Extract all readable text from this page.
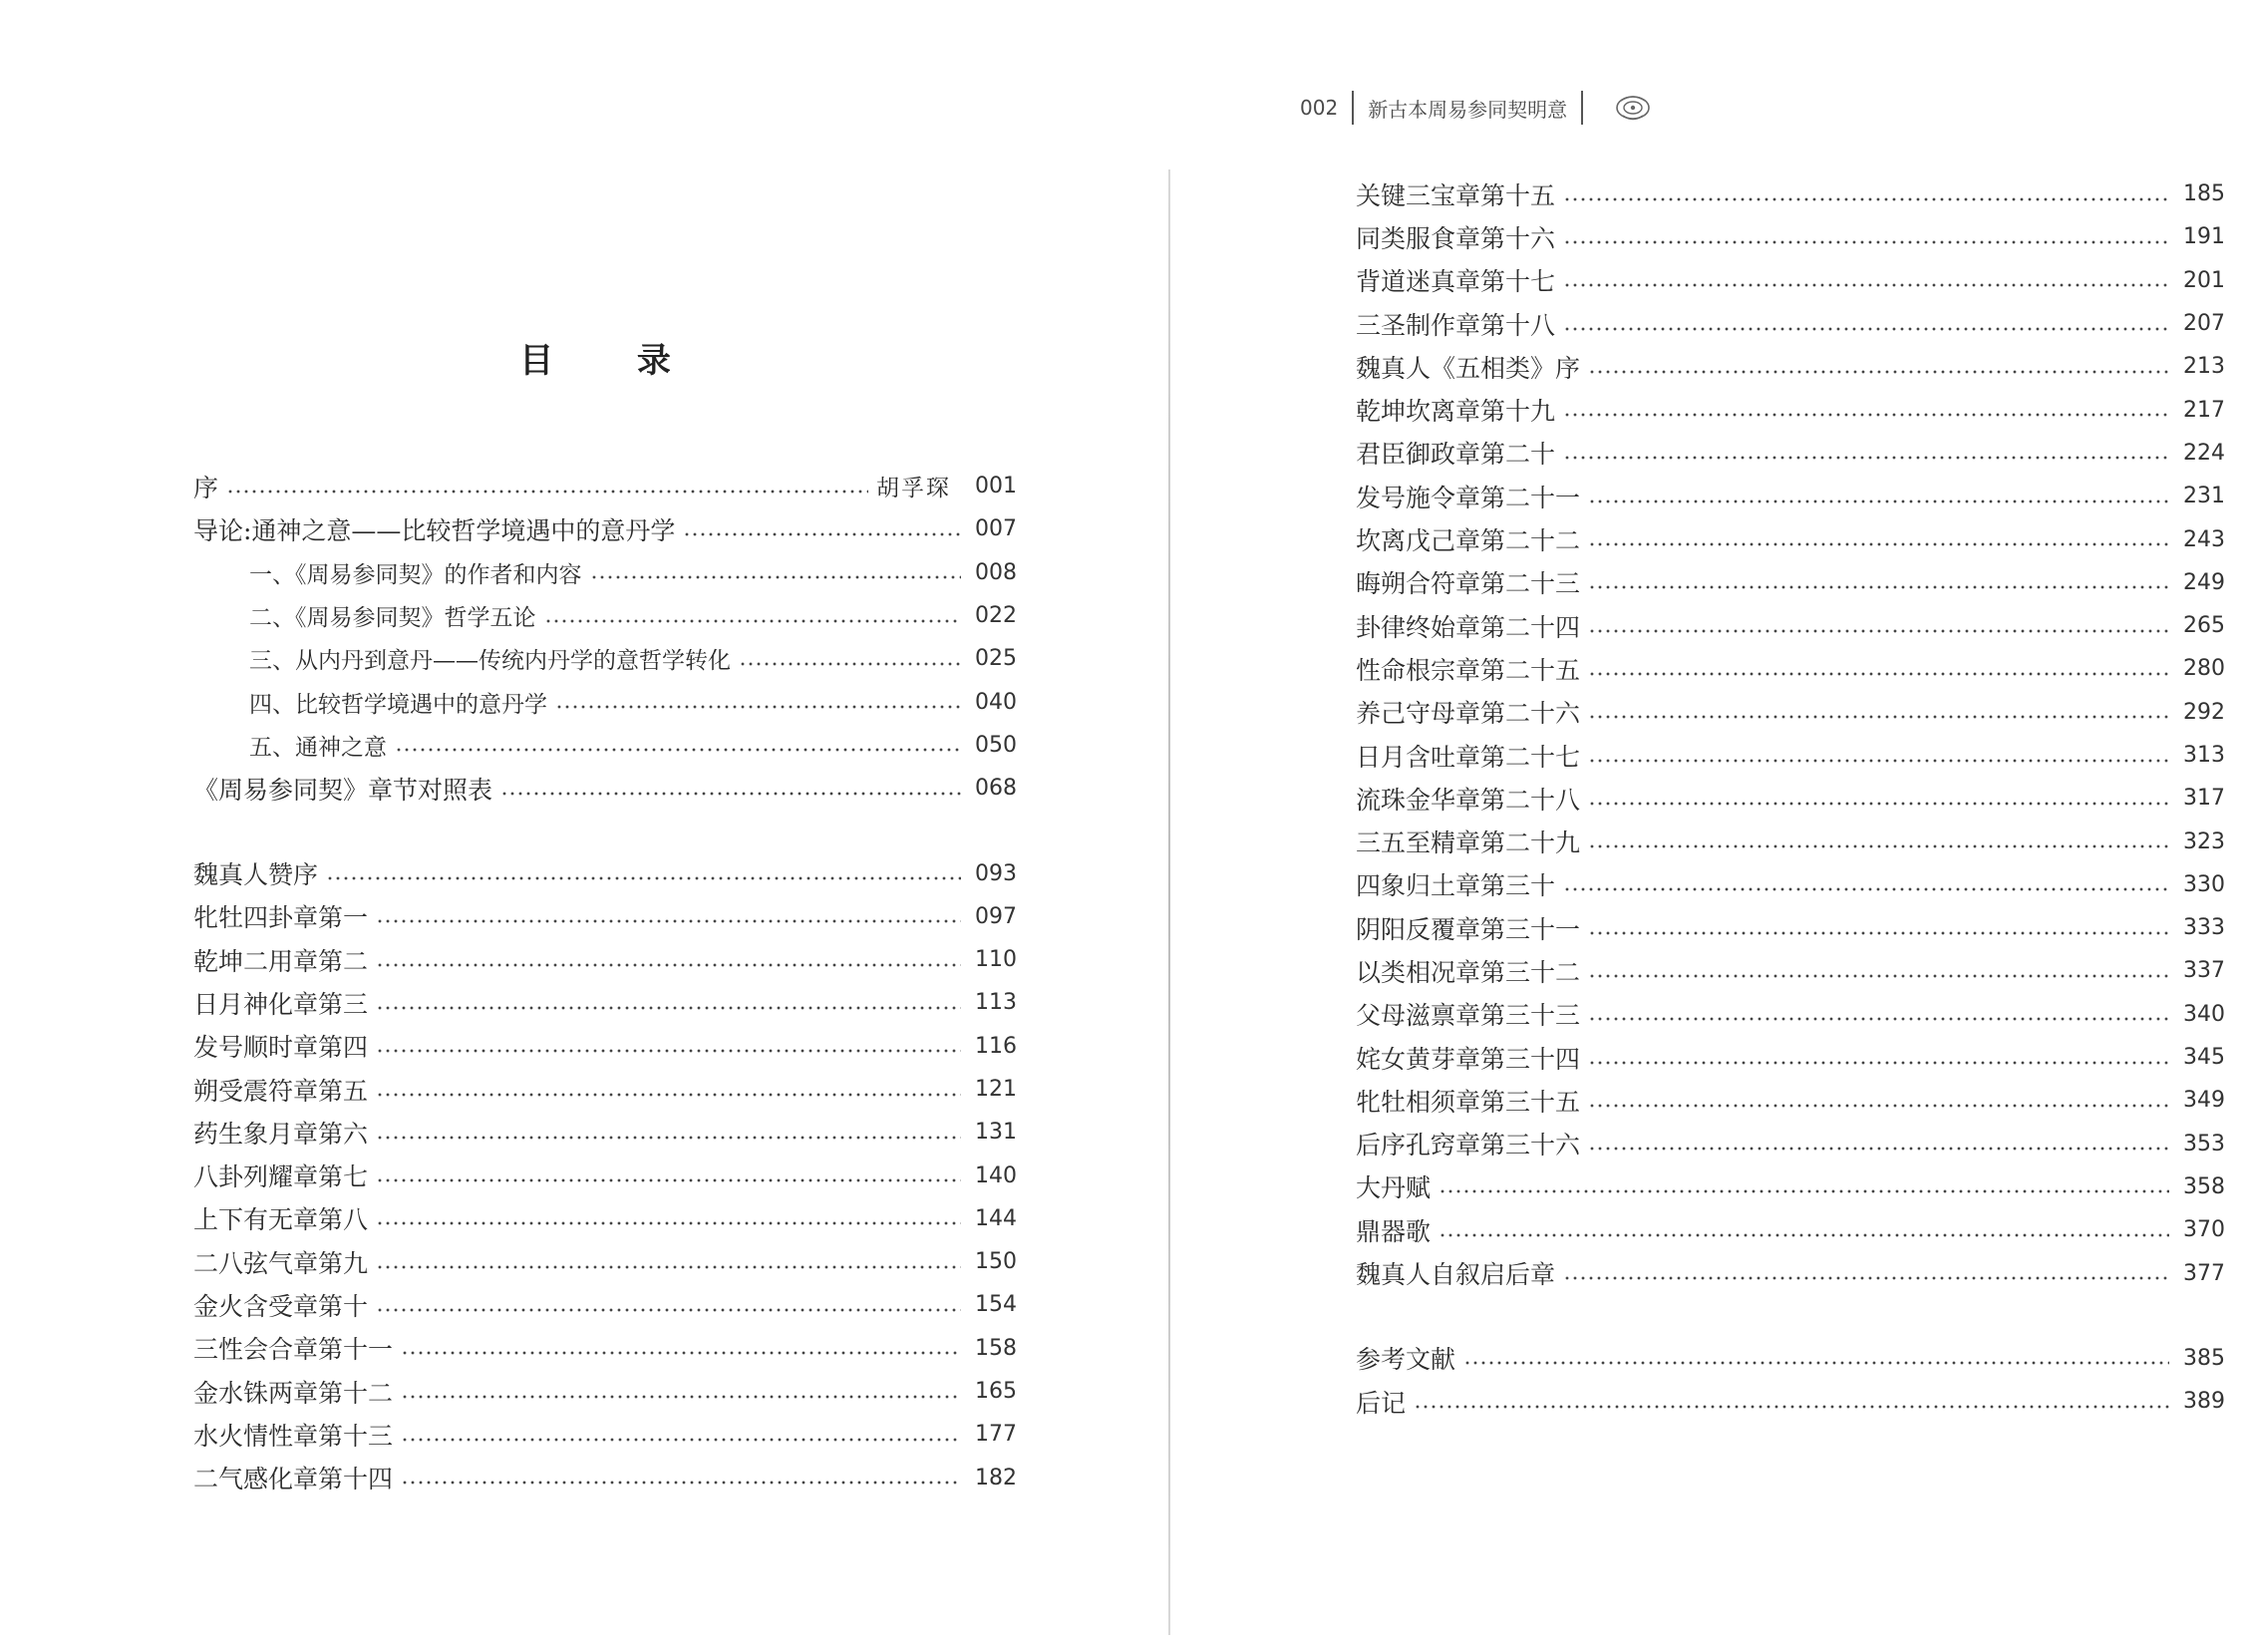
目 录
序	胡孚琛 001
导论:通神之意——比较哲学境遇中的意丹学	007
一、《周易参同契》的作者和内容	008
二、《周易参同契》哲学五论	022
三、从内丹到意丹——传统内丹学的意哲学转化	025
四、比较哲学境遇中的意丹学	040
五、通神之意	050
《周易参同契》章节对照表	068
魏真人赞序	093
牝牡四卦章第一	097
乾坤二用章第二	110
日月神化章第三	113
发号顺时章第四	116
朔受震符章第五	121
药生象月章第六	131
八卦列耀章第七	140
上下有无章第八	144
二八弦气章第九	150
金火含受章第十	154
三性会合章第十一	158
金水铢两章第十二	165
水火情性章第十三	177
二气感化章第十四	182
002 新古本周易参同契明意
关键三宝章第十五	185
同类服食章第十六	191
背道迷真章第十七	201
三圣制作章第十八	207
魏真人《五相类》序	213
乾坤坎离章第十九	217
君臣御政章第二十	224
发号施令章第二十一	231
坎离戊己章第二十二	243
晦朔合符章第二十三	249
卦律终始章第二十四	265
性命根宗章第二十五	280
养己守母章第二十六	292
日月含吐章第二十七	313
流珠金华章第二十八	317
三五至精章第二十九	323
四象归土章第三十	330
阴阳反覆章第三十一	333
以类相况章第三十二	337
父母滋禀章第三十三	340
姹女黄芽章第三十四	345
牝牡相须章第三十五	349
后序孔窍章第三十六	353
大丹赋	358
鼎器歌	370
魏真人自叙启后章	377
参考文献	385
后记	389
